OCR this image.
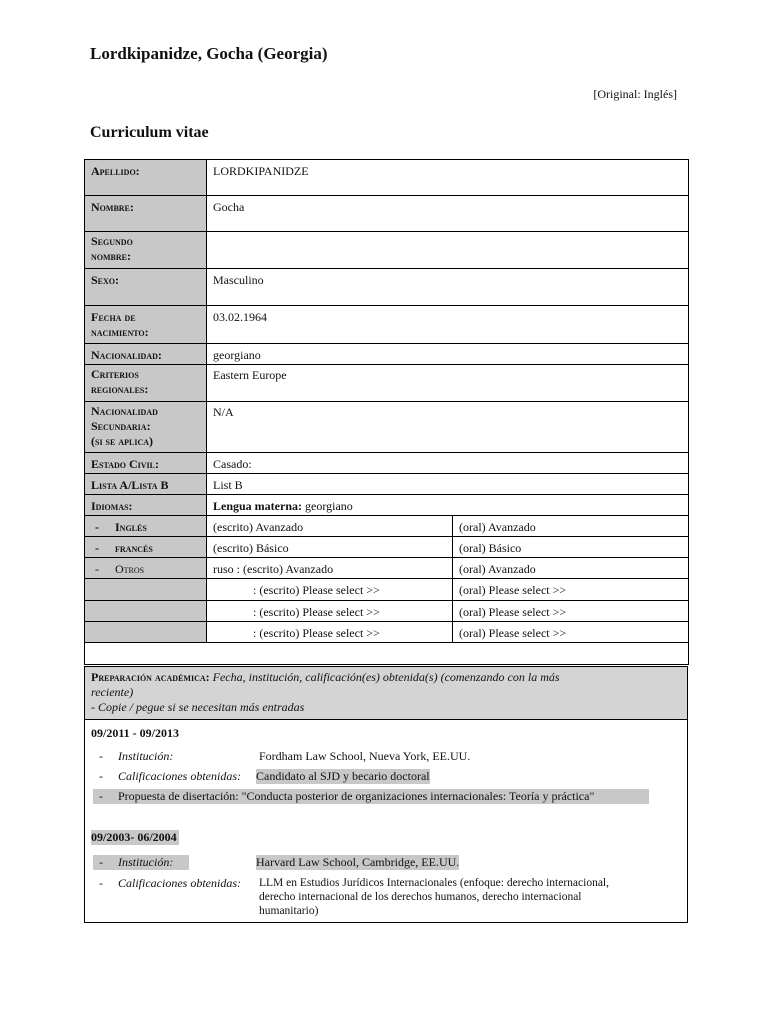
Lordkipanidze, Gocha (Georgia)
[Original: Inglés]
Curriculum vitae
Apellido:	LORDKIPANIDZE	
Nombre:	Gocha	

Segundo
nombre:		

Sexo:	Masculino	

Fecha de
nacimiento:	03.02.1964	
Nacionalidad:	georgiano	

Criterios
regionales:	Eastern Europe	

Nacionalidad
Secundaria:
(si se aplica)	N/A	
Estado Civil:	Casado:	
Lista A/Lista B	List B	
Idiomas:	Lengua materna: georgiano	
- Inglés	(escrito) Avanzado	(oral) Avanzado
- francés	(escrito) Básico	(oral) Básico
- Otros	ruso : (escrito) Avanzado	(oral) Avanzado
	: (escrito) Please select >>	(oral) Please select >>
	: (escrito) Please select >>	(oral) Please select >>
	: (escrito) Please select >>	(oral) Please select >>

Preparación académica: Fecha, institución, calificación(es) obtenida(s) (comenzando con la más
reciente)
- Copie / pegue si se necesitan más entradas
09/2011 - 09/2013
- Institución:	Fordham Law School, Nueva York, EE.UU.
- Calificaciones obtenidas: Candidato al SJD y becario doctoral
- Propuesta de disertación: "Conducta posterior de organizaciones internacionales: Teoría y práctica"
09/2003- 06/2004
- Institución:	Harvard Law School, Cambridge, EE.UU.
- Calificaciones obtenidas: LLM en Estudios Jurídicos Internacionales (enfoque: derecho internacional,
derecho internacional de los derechos humanos, derecho internacional
humanitario)
